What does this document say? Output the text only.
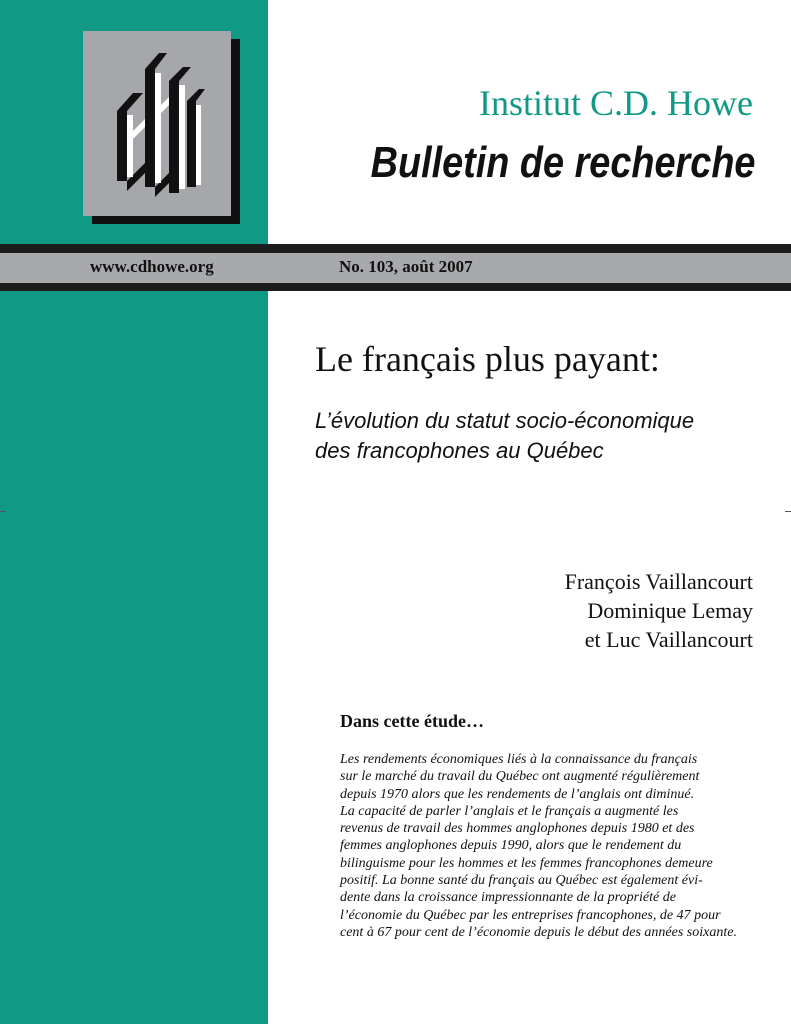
Institut C.D. Howe
Bulletin de recherche
www.cdhowe.org	No. 103, août 2007
Le français plus payant:
L’évolution du statut socio-économique
des francophones au Québec
François Vaillancourt
Dominique Lemay
et Luc Vaillancourt
Dans cette étude…
Les rendements économiques liés à la connaissance du français
sur le marché du travail du Québec ont augmenté régulièrement
depuis 1970 alors que les rendements de l’anglais ont diminué.
La capacité de parler l’anglais et le français a augmenté les
revenus de travail des hommes anglophones depuis 1980 et des
femmes anglophones depuis 1990, alors que le rendement du
bilinguisme pour les hommes et les femmes francophones demeure
positif. La bonne santé du français au Québec est également évi-
dente dans la croissance impressionnante de la propriété de
l’économie du Québec par les entreprises francophones, de 47 pour
cent à 67 pour cent de l’économie depuis le début des années soixante.
